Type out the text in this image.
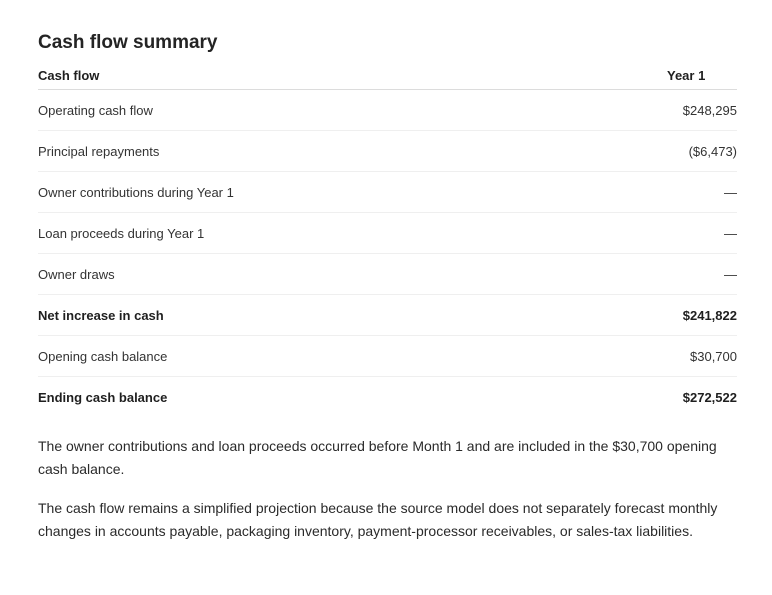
Cash flow summary
Cash flow	Year 1
Operating cash flow	$248,295
Principal repayments	($6,473)
Owner contributions during Year 1	—
Loan proceeds during Year 1	—
Owner draws	—
Net increase in cash	$241,822
Opening cash balance	$30,700
Ending cash balance	$272,522

The owner contributions and loan proceeds occurred before Month 1 and are included in the $30,700 opening cash balance.

The cash flow remains a simplified projection because the source model does not separately forecast monthly changes in accounts payable, packaging inventory, payment-processor receivables, or sales-tax liabilities.
